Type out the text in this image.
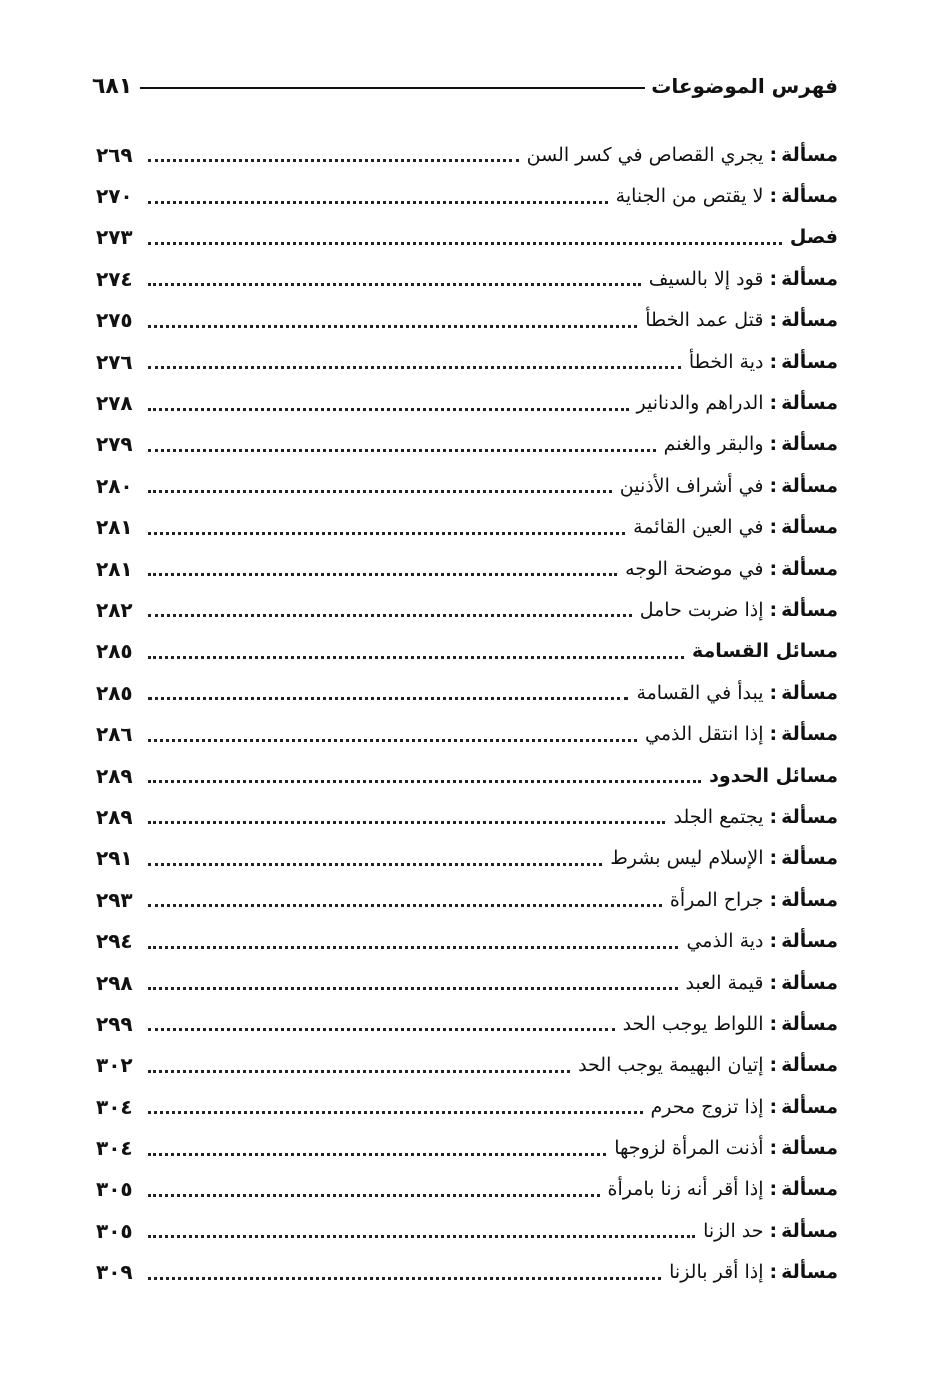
فهرس الموضوعات
٦٨١
مسألة
:
يجري القصاص في كسر السن
٢٦٩
مسألة
:
لا يقتص من الجناية
٢٧٠
فصل
٢٧٣
مسألة
:
قود إلا بالسيف
٢٧٤
مسألة
:
قتل عمد الخطأ
٢٧٥
مسألة
:
دية الخطأ
٢٧٦
مسألة
:
الدراهم والدنانير
٢٧٨
مسألة
:
والبقر والغنم
٢٧٩
مسألة
:
في أشراف الأذنين
٢٨٠
مسألة
:
في العين القائمة
٢٨١
مسألة
:
في موضحة الوجه
٢٨١
مسألة
:
إذا ضربت حامل
٢٨٢
مسائل القسامة
٢٨٥
مسألة
:
يبدأ في القسامة
٢٨٥
مسألة
:
إذا انتقل الذمي
٢٨٦
مسائل الحدود
٢٨٩
مسألة
:
يجتمع الجلد
٢٨٩
مسألة
:
الإسلام ليس بشرط
٢٩١
مسألة
:
جراح المرأة
٢٩٣
مسألة
:
دية الذمي
٢٩٤
مسألة
:
قيمة العبد
٢٩٨
مسألة
:
اللواط يوجب الحد
٢٩٩
مسألة
:
إتيان البهيمة يوجب الحد
٣٠٢
مسألة
:
إذا تزوج محرم
٣٠٤
مسألة
:
أذنت المرأة لزوجها
٣٠٤
مسألة
:
إذا أقر أنه زنا بامرأة
٣٠٥
مسألة
:
حد الزنا
٣٠٥
مسألة
:
إذا أقر بالزنا
٣٠٩
